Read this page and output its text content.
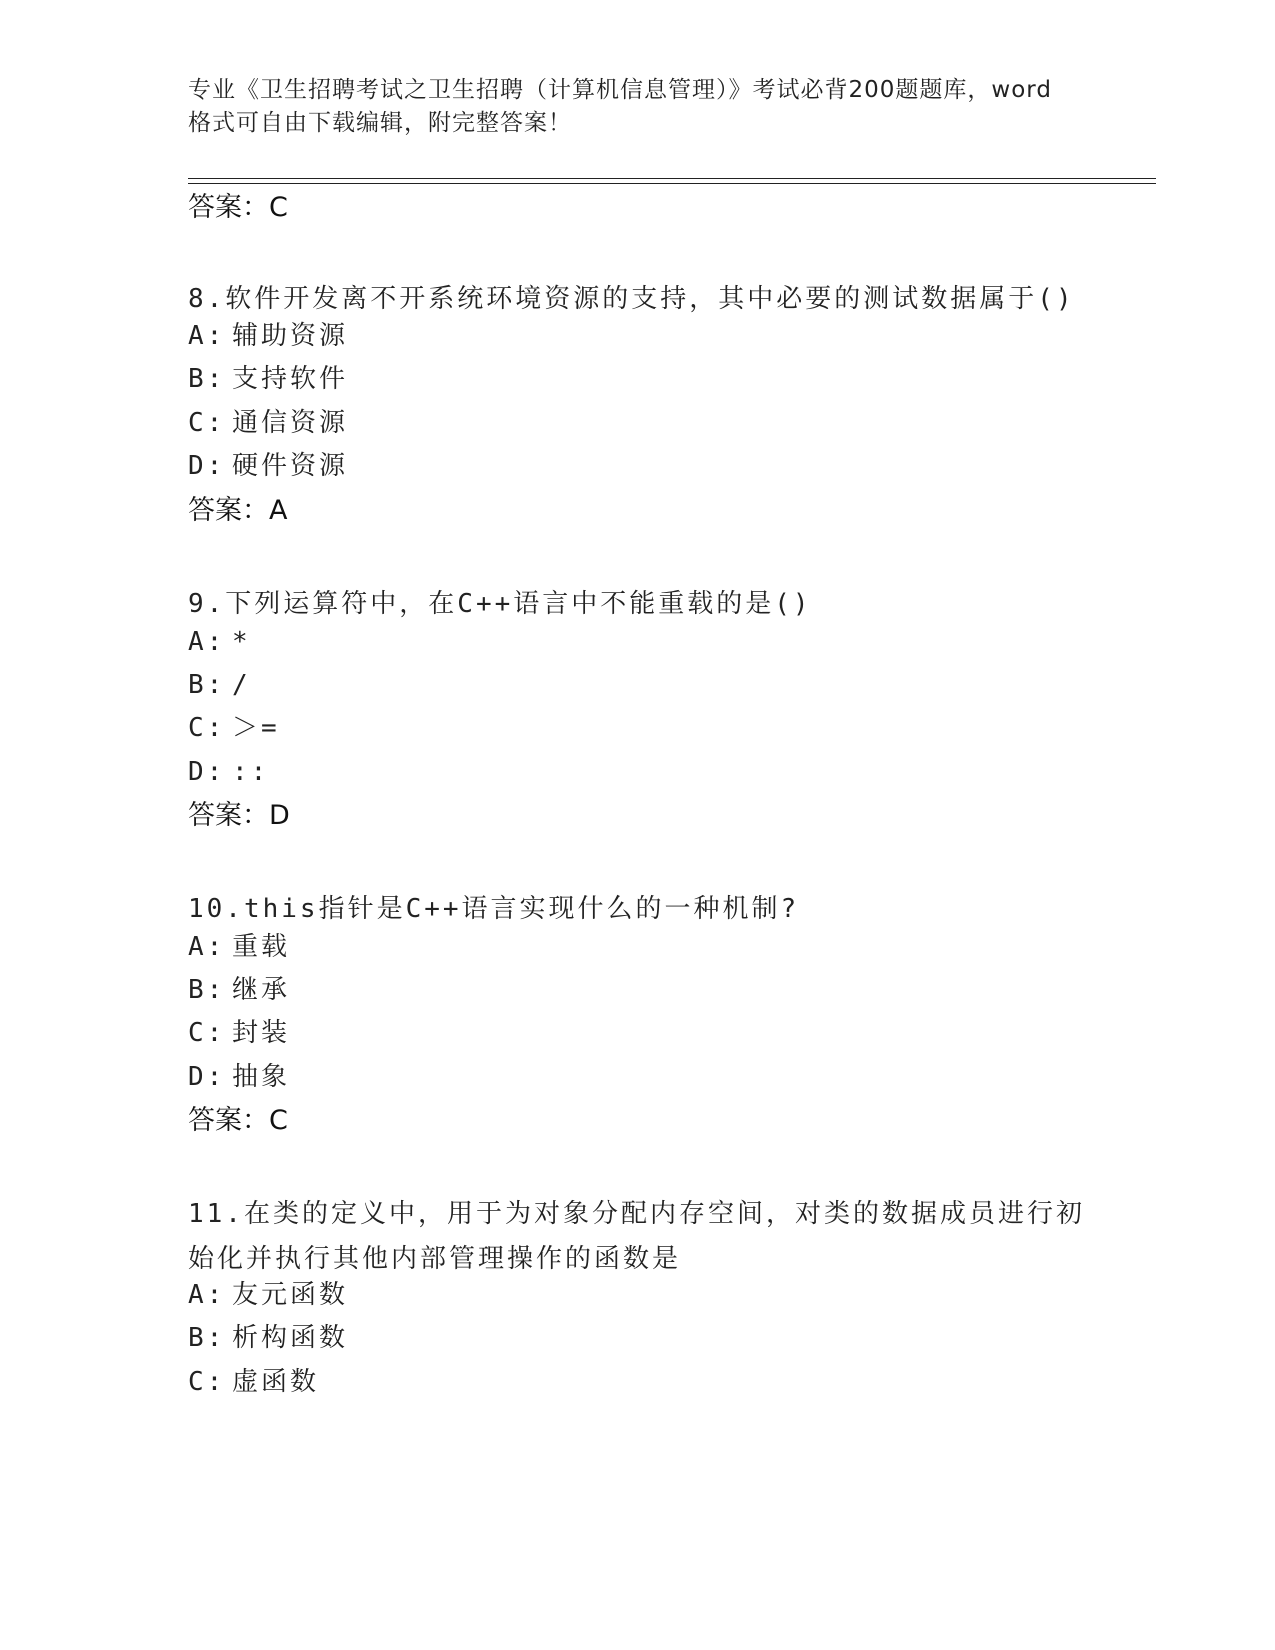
专业《卫生招聘考试之卫生招聘（计算机信息管理）》考试必背200题题库，word
格式可自由下载编辑，附完整答案！
答案：C
8.软件开发离不开系统环境资源的支持，其中必要的测试数据属于()
A: 辅助资源
B: 支持软件
C: 通信资源
D: 硬件资源
答案：A
9.下列运算符中，在C++语言中不能重载的是()
A: *
B: /
C: ＞=
D: ::
答案：D
10.this指针是C++语言实现什么的一种机制?
A: 重载
B: 继承
C: 封装
D: 抽象
答案：C
11.在类的定义中，用于为对象分配内存空间，对类的数据成员进行初
始化并执行其他内部管理操作的函数是
A: 友元函数
B: 析构函数
C: 虚函数
